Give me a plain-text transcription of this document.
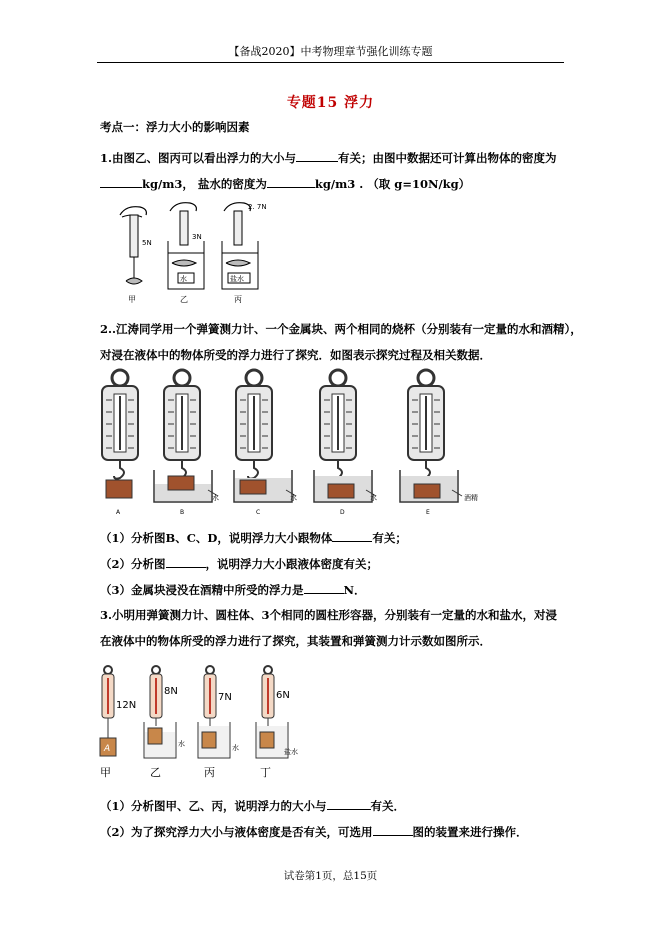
【备战2020】中考物理章节强化训练专题
专题15 浮力
考点一：浮力大小的影响因素
1.由图乙、图丙可以看出浮力的大小与	有关；由图中数据还可计算出物体的密度为
kg/m3， 盐水的密度为	kg/m3 . （取 g=10N/kg）
5N
甲
3N
水
乙
2. 7N
盐水
丙
2..江涛同学用一个弹簧测力计、一个金属块、两个相同的烧杯（分别装有一定量的水和酒精），
对浸在液体中的物体所受的浮力进行了探究．如图表示探究过程及相关数据．
A
水
B
水
C
水
D
酒精
E
（1）分析图B、C、D，说明浮力大小跟物体	有关；
（2）分析图	，说明浮力大小跟液体密度有关；
（3）金属块浸没在酒精中所受的浮力是	N．
3.小明用弹簧测力计、圆柱体、3个相同的圆柱形容器，分别装有一定量的水和盐水，对浸
在液体中的物体所受的浮力进行了探究，其装置和弹簧测力计示数如图所示．
12N
A
甲
8N
水
乙
7N
水
丙
6N
盐水
丁
（1）分析图甲、乙、丙，说明浮力的大小与	有关．
（2）为了探究浮力大小与液体密度是否有关，可选用	图的装置来进行操作．
试卷第1页，总15页
